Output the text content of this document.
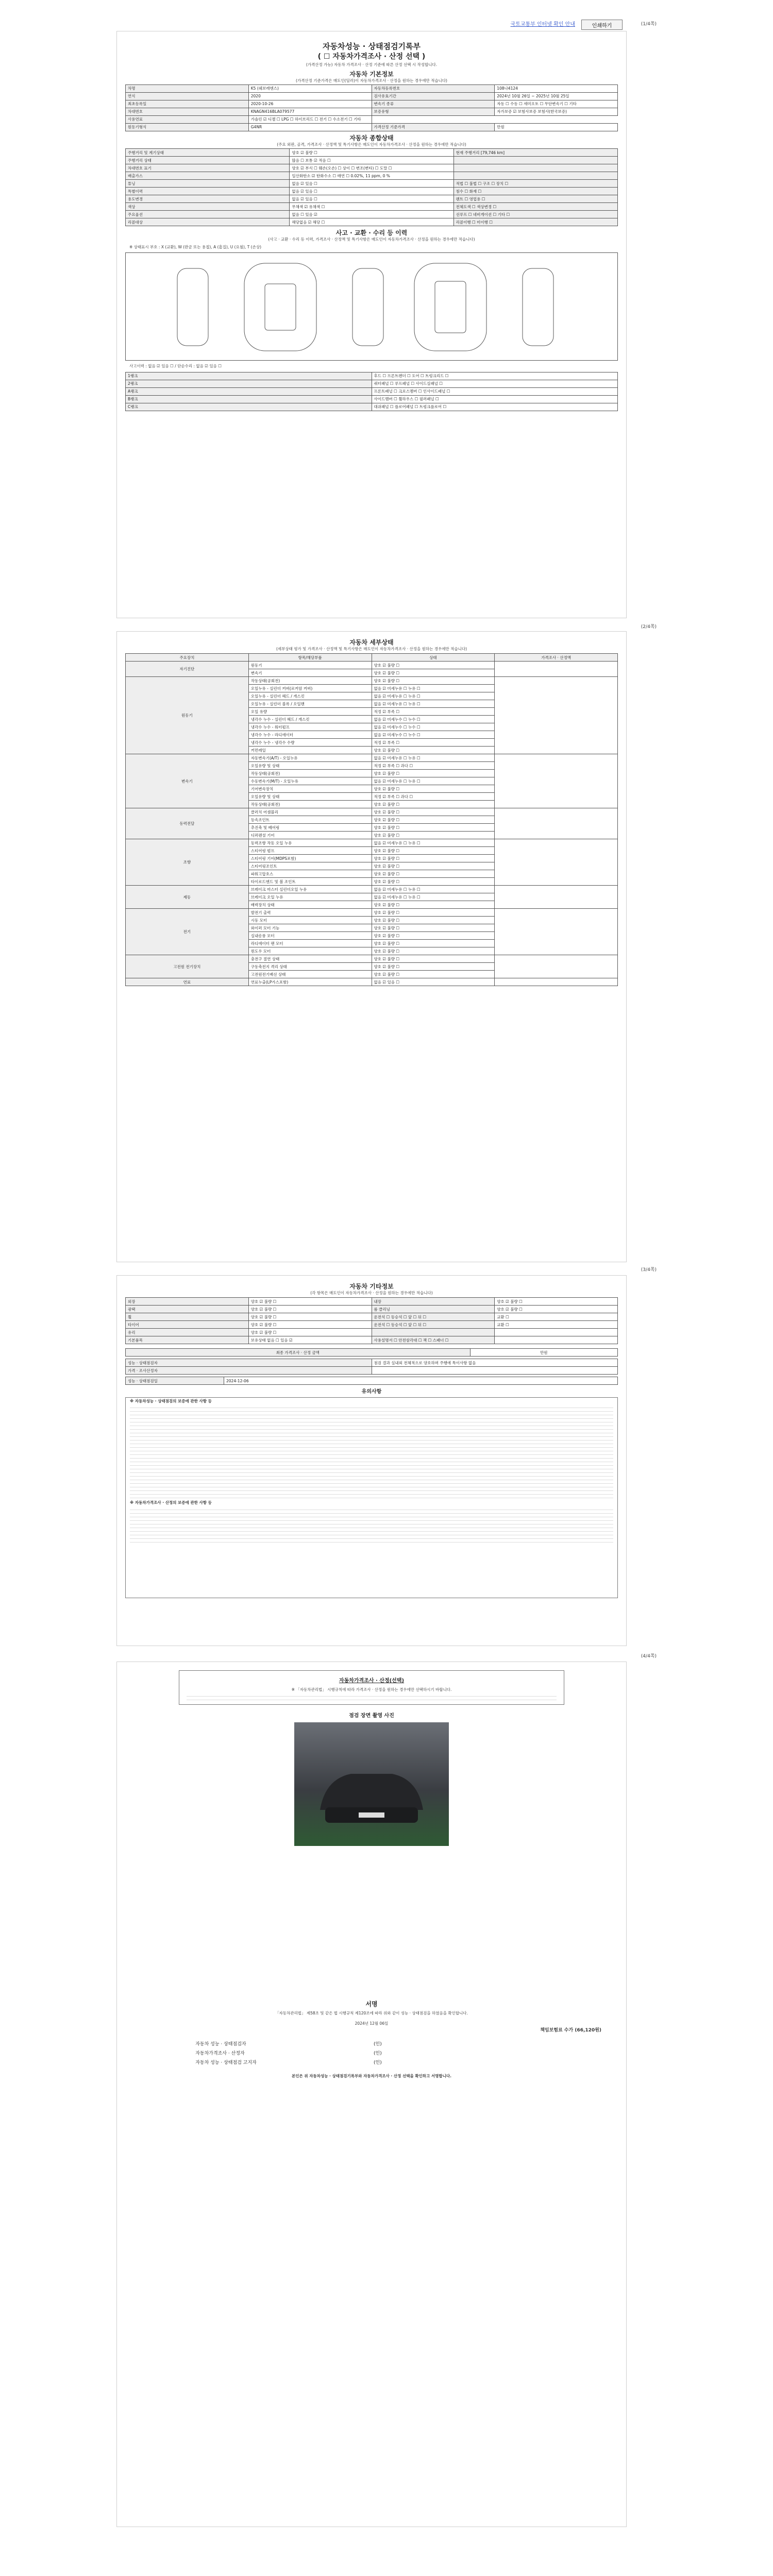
국토교통부 인터넷 확인 안내	인쇄하기	(1/4쪽)
자동차성능 · 상태점검기록부
( ☐ 자동차가격조사 · 산정 선택 )
(가격산정 가능) 자동차 가격조사 · 산정 기준에 따른 산정 선택 시 작성합니다.
자동차 기본정보
(가격산정 기준가격은 매도인(딜러)이 자동차가격조사 · 산정을 원하는 경우에만 적습니다)
차명	K5 (쉐보레엔스)	자동차등록번호	108나4124
연식	2020	검사유효기간	2024년 10월 26일 ~ 2025년 10월 25일
최초등록일	2020-10-26	변속기 종류	자동 ☐ 수동 ☐ 세미오토 ☐ 무단변속기 ☐ 기타
차대번호	KNAGN416BLA079577	보증유형	자가보증 ☑ 보험사보증 보험사(한국보증)
사용연료	가솔린 ☑ 디젤 ☐ LPG ☐ 하이브리드 ☐ 전기 ☐ 수소전기 ☐ 기타		
원동기형식	G4NR	가격산정 기준가격	만원
자동차 종합상태
(주요 외판, 골격, 가격조사 · 산정액 및 특기사항은 매도인이 자동차가격조사 · 산정을 원하는 경우에만 적습니다)
주행거리 및 계기상태	양호 ☑ 불량 ☐	현재 주행거리 [79,746 km]
주행거리 상태	많음 ☐ 보통 ☑ 적음 ☐	
차대번호 표기	양호 ☑ 부식 ☐ 훼손(오손) ☐ 상이 ☐ 변조(변타) ☐ 도말 ☐	
배출가스	일산화탄소 ☑ 탄화수소 ☐ 매연 ☐ 0.02%, 11 ppm, 0 %	
튜닝	없음 ☑ 있음 ☐	적법 ☐ 불법 ☐ 구조 ☐ 장치 ☐
특별이력	없음 ☑ 있음 ☐	침수 ☐ 화재 ☐
용도변경	없음 ☑ 있음 ☐	렌트 ☐ 영업용 ☐
색상	무채색 ☑ 유채색 ☐	전체도색 ☐ 색상변경 ☐
주요옵션	없음 ☐ 있음 ☑	선루프 ☐ 네비게이션 ☐ 기타 ☐
리콜대상	해당없음 ☑ 해당 ☐	리콜이행 ☐ 미이행 ☐
사고 · 교환 · 수리 등 이력
(사고 · 교환 · 수리 등 이력, 가격조사 · 산정액 및 특기사항은 매도인이 자동차가격조사 · 산정을 원하는 경우에만 적습니다)
※ 상태표시 부호 : X (교환), W (판금 또는 용접), A (흠집), U (요철), T (손상)
사고이력 : 없음 ☑ 있음 ☐ / 단순수리 : 없음 ☑ 있음 ☐
1랭크	후드 ☐ 프론트펜더 ☐ 도어 ☐ 트렁크리드 ☐
2랭크	쿼터패널 ☐ 루프패널 ☐ 사이드실패널 ☐
A랭크	프론트패널 ☐ 크로스멤버 ☐ 인사이드패널 ☐
B랭크	사이드멤버 ☐ 휠하우스 ☐ 필러패널 ☐
C랭크	대쉬패널 ☐ 플로어패널 ☐ 트렁크플로어 ☐
(2/4쪽)
자동차 세부상태
(세부상태 평가 및 가격조사 · 산정액 및 특기사항은 매도인이 자동차가격조사 · 산정을 원하는 경우에만 적습니다)
주요장치	항목/해당부품	상태	가격조사 · 산정액
자기진단	원동기	양호 ☑ 불량 ☐	
	변속기	양호 ☑ 불량 ☐	
원동기	작동상태(공회전)	양호 ☑ 불량 ☐	
	오일누유 - 실린더 커버(로커암 커버)	없음 ☑ 미세누유 ☐ 누유 ☐	
	오일누유 - 실린더 헤드 / 개스킷	없음 ☑ 미세누유 ☐ 누유 ☐	
	오일누유 - 실린더 블록 / 오일팬	없음 ☑ 미세누유 ☐ 누유 ☐	
	오일 유량	적정 ☑ 부족 ☐	
	냉각수 누수 - 실린더 헤드 / 개스킷	없음 ☑ 미세누수 ☐ 누수 ☐	
	냉각수 누수 - 워터펌프	없음 ☑ 미세누수 ☐ 누수 ☐	
	냉각수 누수 - 라디에이터	없음 ☑ 미세누수 ☐ 누수 ☐	
	냉각수 누수 - 냉각수 수량	적정 ☑ 부족 ☐	
	커먼레일	양호 ☑ 불량 ☐	
변속기	자동변속기(A/T) - 오일누유	없음 ☑ 미세누유 ☐ 누유 ☐	
	오일유량 및 상태	적정 ☑ 부족 ☐ 과다 ☐	
	작동상태(공회전)	양호 ☑ 불량 ☐	
	수동변속기(M/T) - 오일누유	없음 ☑ 미세누유 ☐ 누유 ☐	
	기어변속장치	양호 ☑ 불량 ☐	
	오일유량 및 상태	적정 ☑ 부족 ☐ 과다 ☐	
	작동상태(공회전)	양호 ☑ 불량 ☐	
동력전달	클러치 어셈블리	양호 ☑ 불량 ☐	
	등속조인트	양호 ☑ 불량 ☐	
	추진축 및 베어링	양호 ☑ 불량 ☐	
	디퍼렌셜 기어	양호 ☑ 불량 ☐	
조향	동력조향 작동 오일 누유	없음 ☑ 미세누유 ☐ 누유 ☐	
	스티어링 펌프	양호 ☑ 불량 ☐	
	스티어링 기어(MDPS포함)	양호 ☑ 불량 ☐	
	스티어링조인트	양호 ☑ 불량 ☐	
	파워고압호스	양호 ☑ 불량 ☐	
	타이로드엔드 및 볼 조인트	양호 ☑ 불량 ☐	
제동	브레이크 마스터 실린더오일 누유	없음 ☑ 미세누유 ☐ 누유 ☐	
	브레이크 오일 누유	없음 ☑ 미세누유 ☐ 누유 ☐	
	배력장치 상태	양호 ☑ 불량 ☐	
전기	발전기 출력	양호 ☑ 불량 ☐	
	시동 모터	양호 ☑ 불량 ☐	
	와이퍼 모터 기능	양호 ☑ 불량 ☐	
	실내송풍 모터	양호 ☑ 불량 ☐	
	라디에이터 팬 모터	양호 ☑ 불량 ☐	
	윈도우 모터	양호 ☑ 불량 ☐	
고전원 전기장치	충전구 절연 상태	양호 ☑ 불량 ☐	
	구동축전지 격리 상태	양호 ☑ 불량 ☐	
	고전원전기배선 상태	양호 ☑ 불량 ☐	
연료	연료누출(LP가스포함)	없음 ☑ 있음 ☐	
(3/4쪽)
자동차 기타정보
(각 항목은 매도인이 자동차가격조사 · 산정을 원하는 경우에만 적습니다)
외장	양호 ☑ 불량 ☐	내장	양호 ☑ 불량 ☐
광택	양호 ☑ 불량 ☐	룸 클리닝	양호 ☑ 불량 ☐
휠	양호 ☑ 불량 ☐	운전석 ☐ 동승석 ☐ 앞 ☐ 뒤 ☐	교환 ☐
타이어	양호 ☑ 불량 ☐	운전석 ☐ 동승석 ☐ 앞 ☐ 뒤 ☐	교환 ☐
유리	양호 ☑ 불량 ☐		
기본품목	보유상태 없음 ☐ 있음 ☑	사용설명서 ☐ 안전삼각대 ☐ 잭 ☐ 스패너 ☐	
최종 가격조사 · 산정 금액	만원
성능 · 상태점검자	점검 결과 실내외 전체적으로 양호하며 주행에 특이사항 없음
가격 · 조사산정자	
성능 · 상태점검일	2024-12-06
유의사항
※ 자동차성능 · 상태점검의 보증에 관한 사항 등
※ 자동차가격조사 · 산정의 보증에 관한 사항 등
(4/4쪽)
자동차가격조사 · 산정(선택)
※ 「자동차관리법」 시행규칙에 따라 가격조사 · 산정을 원하는 경우에만 선택하시기 바랍니다.
점검 장면 촬영 사진
서명
「자동차관리법」 제58조 및 같은 법 시행규칙 제120조에 따라 위와 같이 성능 · 상태점검을 하였음을 확인합니다.
2024년 12월 06일
책임보험료 수가 (66,120원)
자동차 성능 · 상태점검자	(인)
자동차가격조사 · 산정자	(인)
자동차 성능 · 상태점검 고지자	(인)
본인은 위 자동차성능 · 상태점검기록부와 자동차가격조사 · 산정 선택을 확인하고 서명합니다.
